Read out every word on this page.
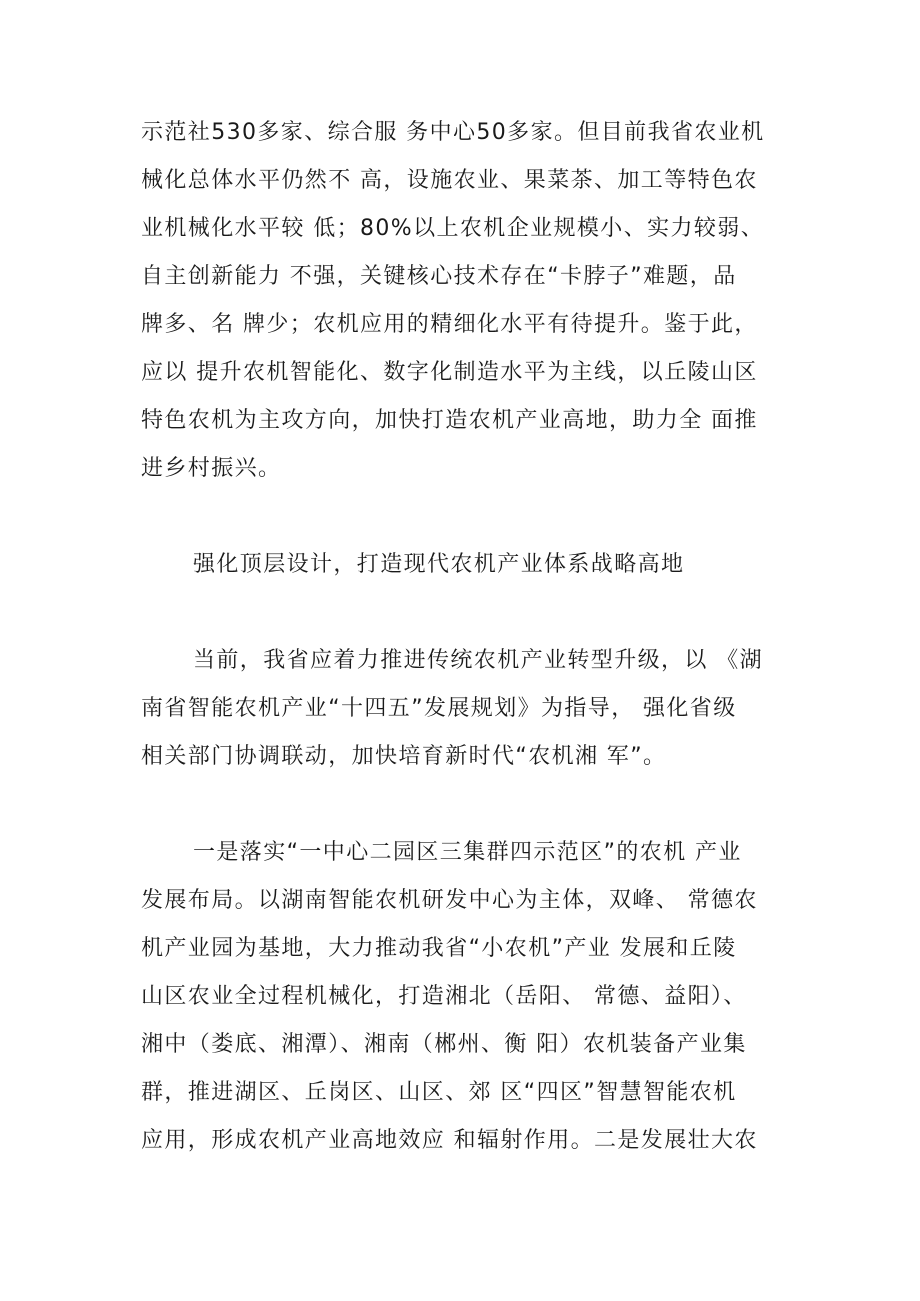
示范社530多家、综合服 务中心50多家。但目前我省农业机
械化总体水平仍然不 高，设施农业、果菜茶、加工等特色农
业机械化水平较 低；80%以上农机企业规模小、实力较弱、
自主创新能力 不强，关键核心技术存在“卡脖子”难题，品
牌多、名 牌少；农机应用的精细化水平有待提升。鉴于此，
应以 提升农机智能化、数字化制造水平为主线，以丘陵山区
特色农机为主攻方向，加快打造农机产业高地，助力全 面推
进乡村振兴。
强化顶层设计，打造现代农机产业体系战略高地
当前，我省应着力推进传统农机产业转型升级，以 《湖
南省智能农机产业“十四五”发展规划》为指导， 强化省级
相关部门协调联动，加快培育新时代“农机湘 军”。
一是落实“一中心二园区三集群四示范区”的农机 产业
发展布局。以湖南智能农机研发中心为主体，双峰、 常德农
机产业园为基地，大力推动我省“小农机”产业 发展和丘陵
山区农业全过程机械化，打造湘北（岳阳、 常德、益阳）、
湘中（娄底、湘潭）、湘南（郴州、衡 阳）农机装备产业集
群，推进湖区、丘岗区、山区、郊 区“四区”智慧智能农机
应用，形成农机产业高地效应 和辐射作用。二是发展壮大农
